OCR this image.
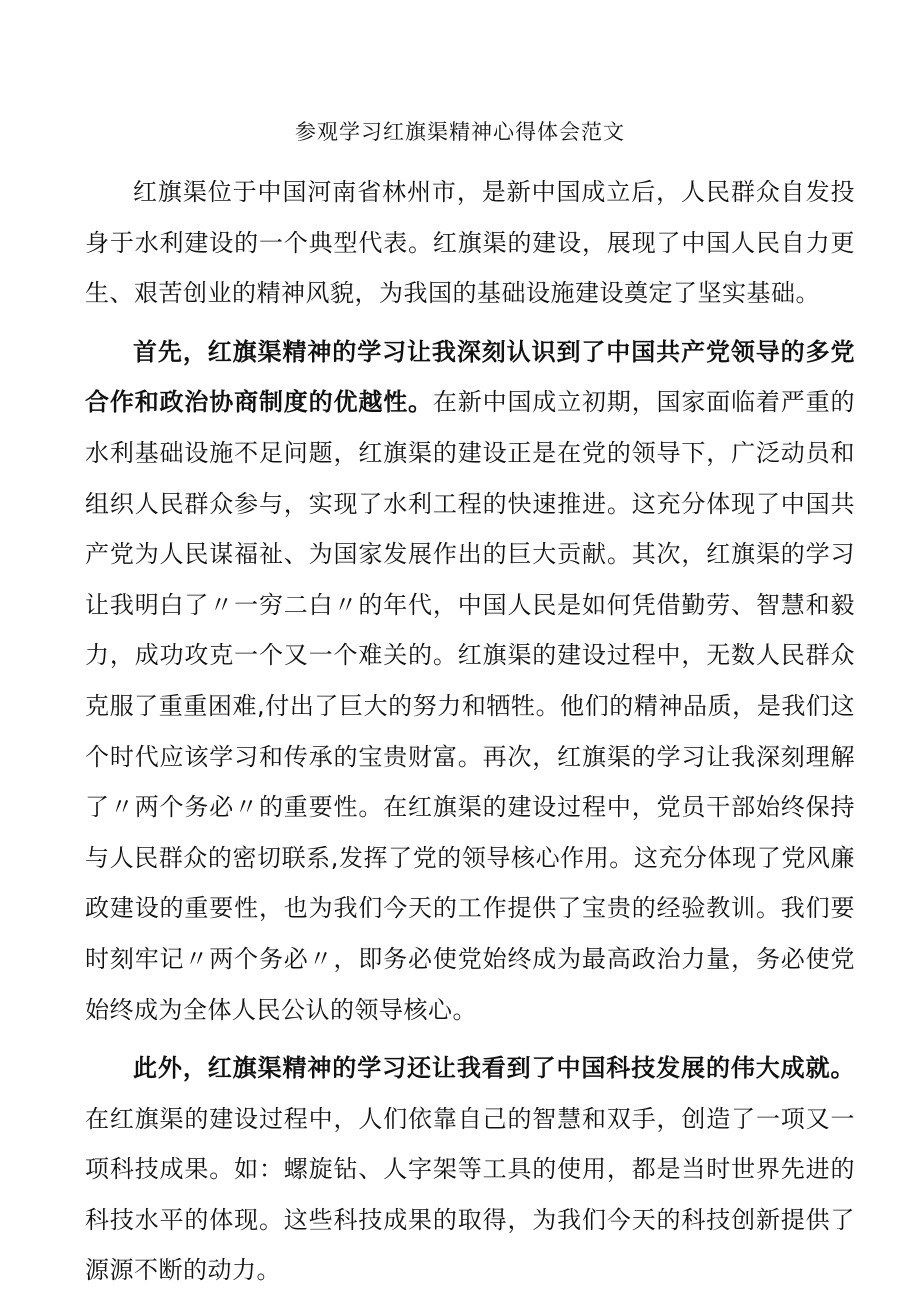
参观学习红旗渠精神心得体会范文

红旗渠位于中国河南省林州市，是新中国成立后，人民群众自发投身于水利建设的一个典型代表。红旗渠的建设，展现了中国人民自力更生、艰苦创业的精神风貌，为我国的基础设施建设奠定了坚实基础。

首先，红旗渠精神的学习让我深刻认识到了中国共产党领导的多党合作和政治协商制度的优越性。在新中国成立初期，国家面临着严重的水利基础设施不足问题，红旗渠的建设正是在党的领导下，广泛动员和组织人民群众参与，实现了水利工程的快速推进。这充分体现了中国共产党为人民谋福祉、为国家发展作出的巨大贡献。其次，红旗渠的学习让我明白了〃一穷二白〃的年代，中国人民是如何凭借勤劳、智慧和毅力，成功攻克一个又一个难关的。红旗渠的建设过程中，无数人民群众克服了重重困难,付出了巨大的努力和牺牲。他们的精神品质，是我们这个时代应该学习和传承的宝贵财富。再次，红旗渠的学习让我深刻理解了〃两个务必〃的重要性。在红旗渠的建设过程中，党员干部始终保持与人民群众的密切联系,发挥了党的领导核心作用。这充分体现了党风廉政建设的重要性，也为我们今天的工作提供了宝贵的经验教训。我们要时刻牢记〃两个务必〃，即务必使党始终成为最高政治力量，务必使党始终成为全体人民公认的领导核心。

此外，红旗渠精神的学习还让我看到了中国科技发展的伟大成就。在红旗渠的建设过程中，人们依靠自己的智慧和双手，创造了一项又一项科技成果。如：螺旋钻、人字架等工具的使用，都是当时世界先进的科技水平的体现。这些科技成果的取得，为我们今天的科技创新提供了源源不断的动力。
